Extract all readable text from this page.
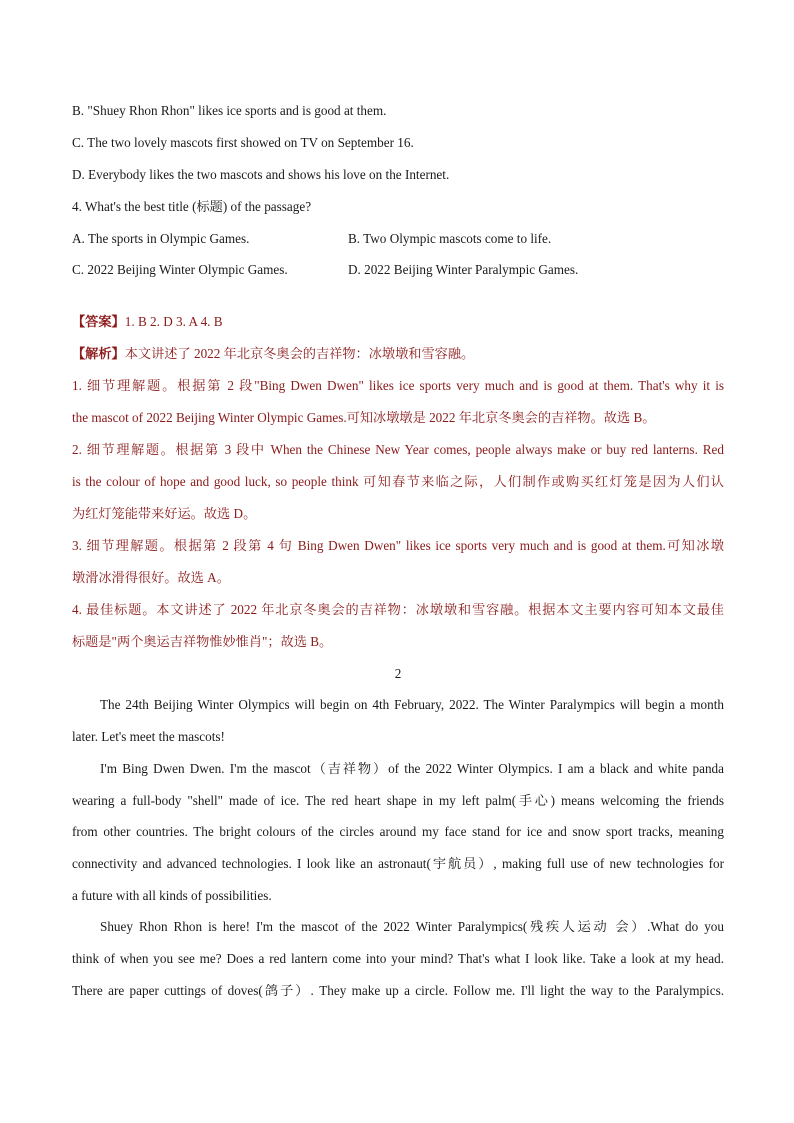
B. "Shuey Rhon Rhon" likes ice sports and is good at them.
C. The two lovely mascots first showed on TV on September 16.
D. Everybody likes the two mascots and shows his love on the Internet.
4. What's the best title (标题) of the passage?
A. The sports in Olympic Games.	B. Two Olympic mascots come to life.
C. 2022 Beijing Winter Olympic Games.	D. 2022 Beijing Winter Paralympic Games.
【答案】1. B 2. D 3. A 4. B
【解析】本文讲述了 2022 年北京冬奥会的吉祥物：冰墩墩和雪容融。
1. 细节理解题。根据第 2 段"Bing Dwen Dwen" likes ice sports very much and is good at them. That's why it is
the mascot of 2022 Beijing Winter Olympic Games.可知冰墩墩是 2022 年北京冬奥会的吉祥物。故选 B。
2. 细节理解题。根据第 3 段中 When the Chinese New Year comes, people always make or buy red lanterns. Red
is the colour of hope and good luck, so people think 可知春节来临之际，人们制作或购买红灯笼是因为人们认
为红灯笼能带来好运。故选 D。
3. 细节理解题。根据第 2 段第 4 句 Bing Dwen Dwen" likes ice sports very much and is good at them.可知冰墩
墩滑冰滑得很好。故选 A。
4. 最佳标题。本文讲述了 2022 年北京冬奥会的吉祥物：冰墩墩和雪容融。根据本文主要内容可知本文最佳
标题是"两个奥运吉祥物惟妙惟肖"；故选 B。
2
The 24th Beijing Winter Olympics will begin on 4th February, 2022. The Winter Paralympics will begin a month
later. Let's meet the mascots!
I'm Bing Dwen Dwen. I'm the mascot（吉祥物）of the 2022 Winter Olympics. I am a black and white panda
wearing a full-body "shell" made of ice. The red heart shape in my left palm(手心) means welcoming the friends
from other countries. The bright colours of the circles around my face stand for ice and snow sport tracks, meaning
connectivity and advanced technologies. I look like an astronaut(宇航员）, making full use of new technologies for
a future with all kinds of possibilities.
Shuey Rhon Rhon is here! I'm the mascot of the 2022 Winter Paralympics(残疾人运动 会）.What do you
think of when you see me? Does a red lantern come into your mind? That's what I look like. Take a look at my head.
There are paper cuttings of doves(鸽子）. They make up a circle. Follow me. I'll light the way to the Paralympics.
